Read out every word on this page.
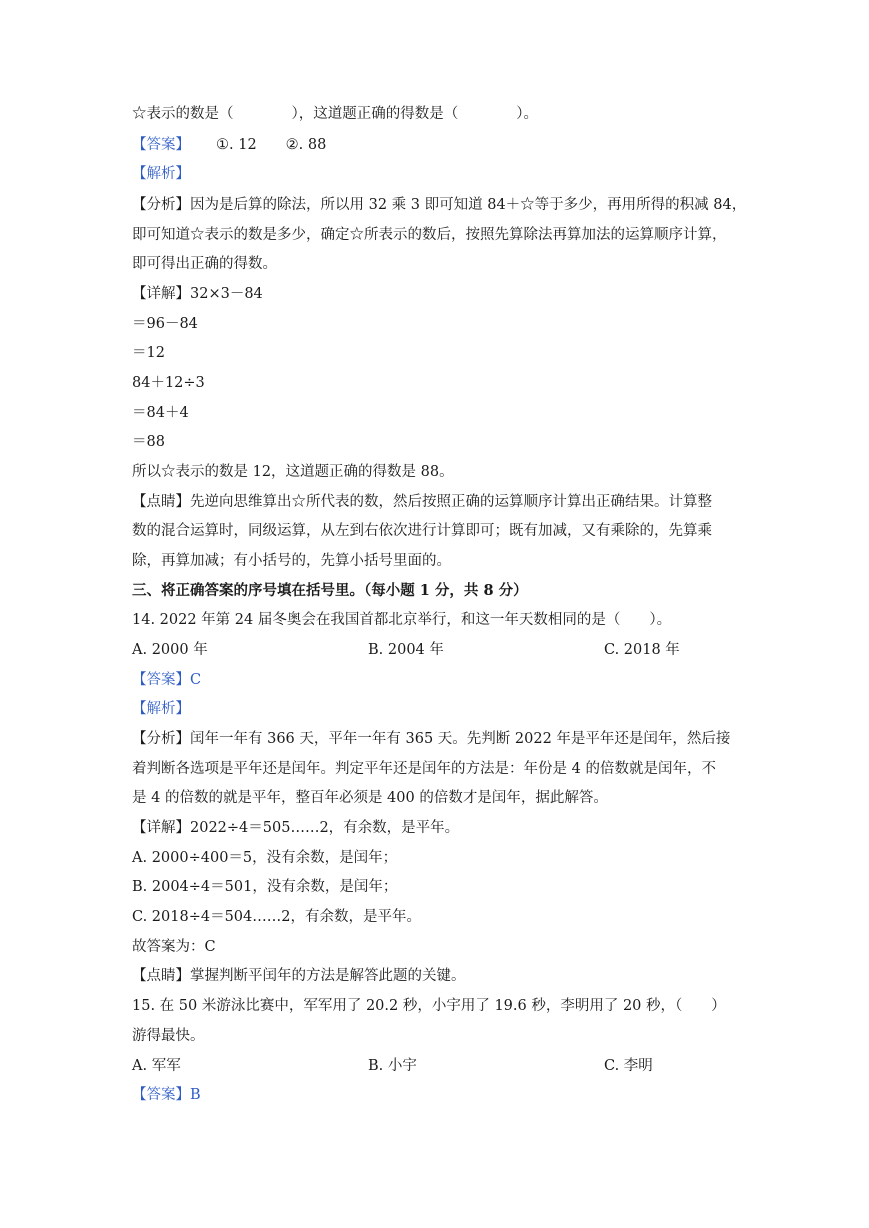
☆表示的数是（　　　　），这道题正确的得数是（　　　　）。
【答案】 ①. 12　　②. 88
【解析】
【分析】因为是后算的除法，所以用 32 乘 3 即可知道 84＋☆等于多少，再用所得的积减 84，
即可知道☆表示的数是多少，确定☆所表示的数后，按照先算除法再算加法的运算顺序计算，
即可得出正确的得数。
【详解】32×3－84
＝96－84
＝12
84＋12÷3
＝84＋4
＝88
所以☆表示的数是 12，这道题正确的得数是 88。
【点睛】先逆向思维算出☆所代表的数，然后按照正确的运算顺序计算出正确结果。计算整
数的混合运算时，同级运算，从左到右依次进行计算即可；既有加减，又有乘除的，先算乘
除，再算加减；有小括号的，先算小括号里面的。
三、将正确答案的序号填在括号里。（每小题 1 分，共 8 分）
14. 2022 年第 24 届冬奥会在我国首都北京举行，和这一年天数相同的是（　　）。
A. 2000 年	B. 2004 年	C. 2018 年
【答案】C
【解析】
【分析】闰年一年有 366 天，平年一年有 365 天。先判断 2022 年是平年还是闰年，然后接
着判断各选项是平年还是闰年。判定平年还是闰年的方法是：年份是 4 的倍数就是闰年，不
是 4 的倍数的就是平年，整百年必须是 400 的倍数才是闰年，据此解答。
【详解】2022÷4＝505……2，有余数，是平年。
A. 2000÷400＝5，没有余数，是闰年；
B. 2004÷4＝501，没有余数，是闰年；
C. 2018÷4＝504……2，有余数，是平年。
故答案为：C
【点睛】掌握判断平闰年的方法是解答此题的关键。
15. 在 50 米游泳比赛中，军军用了 20.2 秒，小宇用了 19.6 秒，李明用了 20 秒，（　　）
游得最快。
A. 军军	B. 小宇	C. 李明
【答案】B
